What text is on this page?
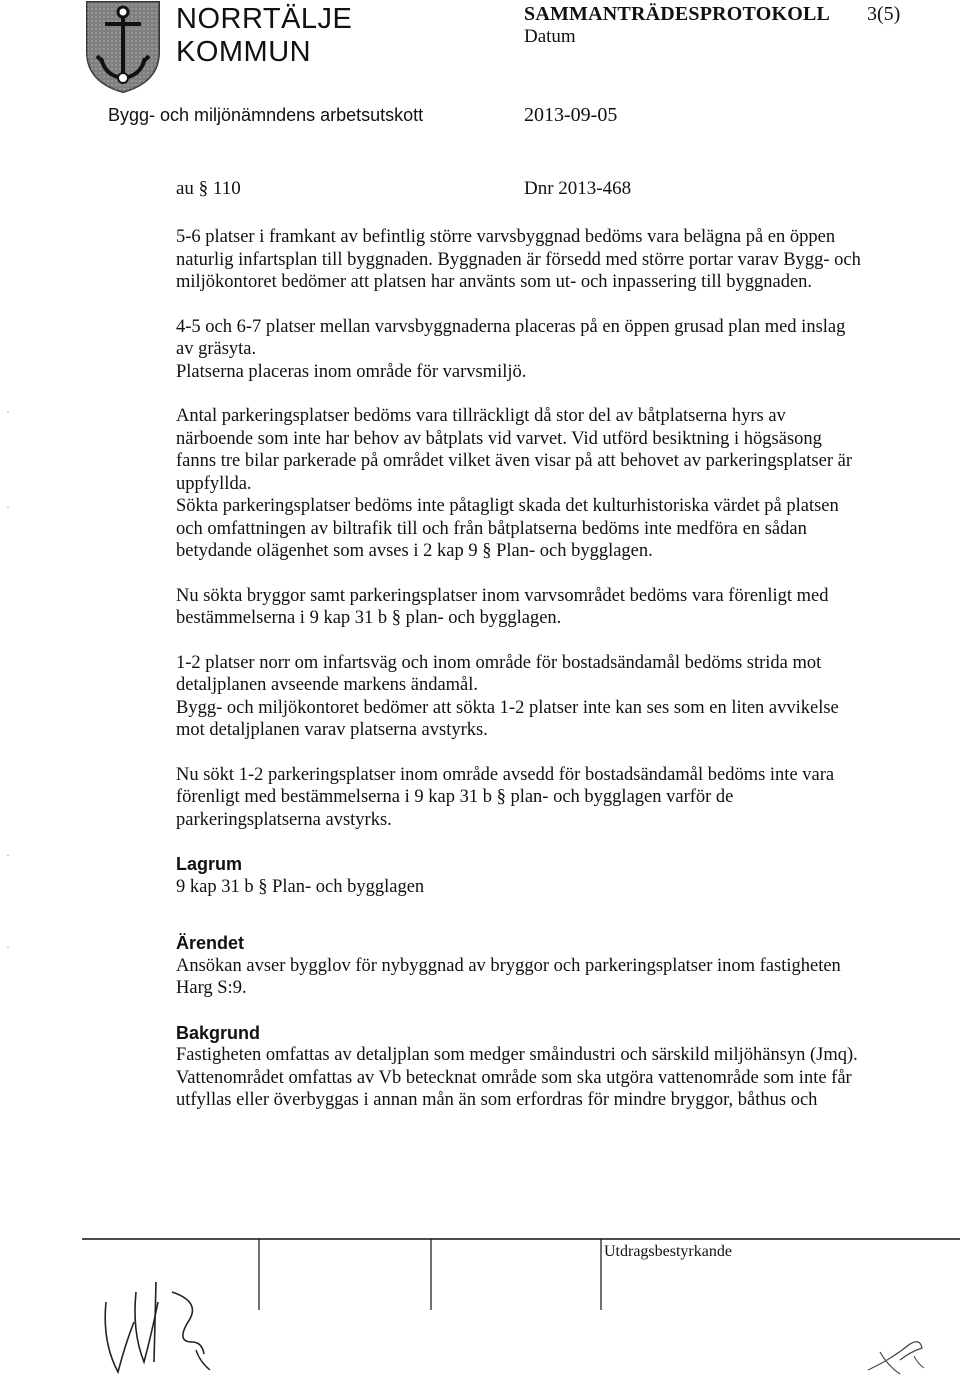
NORRTÄLJE
KOMMUN
Bygg- och miljönämndens arbetsutskott
SAMMANTRÄDESPROTOKOLL 3(5)
Datum
2013-09-05
au § 110	Dnr 2013-468

5-6 platser i framkant av befintlig större varvsbyggnad bedöms vara belägna på en öppen
naturlig infartsplan till byggnaden. Byggnaden är försedd med större portar varav Bygg- och
miljökontoret bedömer att platsen har använts som ut- och inpassering till byggnaden.

4-5 och 6-7 platser mellan varvsbyggnaderna placeras på en öppen grusad plan med inslag
av gräsyta.
Platserna placeras inom område för varvsmiljö.

Antal parkeringsplatser bedöms vara tillräckligt då stor del av båtplatserna hyrs av
närboende som inte har behov av båtplats vid varvet. Vid utförd besiktning i högsäsong
fanns tre bilar parkerade på området vilket även visar på att behovet av parkeringsplatser är
uppfyllda.
Sökta parkeringsplatser bedöms inte påtagligt skada det kulturhistoriska värdet på platsen
och omfattningen av biltrafik till och från båtplatserna bedöms inte medföra en sådan
betydande olägenhet som avses i 2 kap 9 § Plan- och bygglagen.

Nu sökta bryggor samt parkeringsplatser inom varvsområdet bedöms vara förenligt med
bestämmelserna i 9 kap 31 b § plan- och bygglagen.

1-2 platser norr om infartsväg och inom område för bostadsändamål bedöms strida mot
detaljplanen avseende markens ändamål.
Bygg- och miljökontoret bedömer att sökta 1-2 platser inte kan ses som en liten avvikelse
mot detaljplanen varav platserna avstyrks.

Nu sökt 1-2 parkeringsplatser inom område avsedd för bostadsändamål bedöms inte vara
förenligt med bestämmelserna i 9 kap 31 b § plan- och bygglagen varför de
parkeringsplatserna avstyrks.

Lagrum

9 kap 31 b § Plan- och bygglagen

Ärendet

Ansökan avser bygglov för nybyggnad av bryggor och parkeringsplatser inom fastigheten
Harg S:9.

Bakgrund

Fastigheten omfattas av detaljplan som medger småindustri och särskild miljöhänsyn (Jmq).
Vattenområdet omfattas av Vb betecknat område som ska utgöra vattenområde som inte får
utfyllas eller överbyggas i annan mån än som erfordras för mindre bryggor, båthus och

Utdragsbestyrkande
·
·
·
·
